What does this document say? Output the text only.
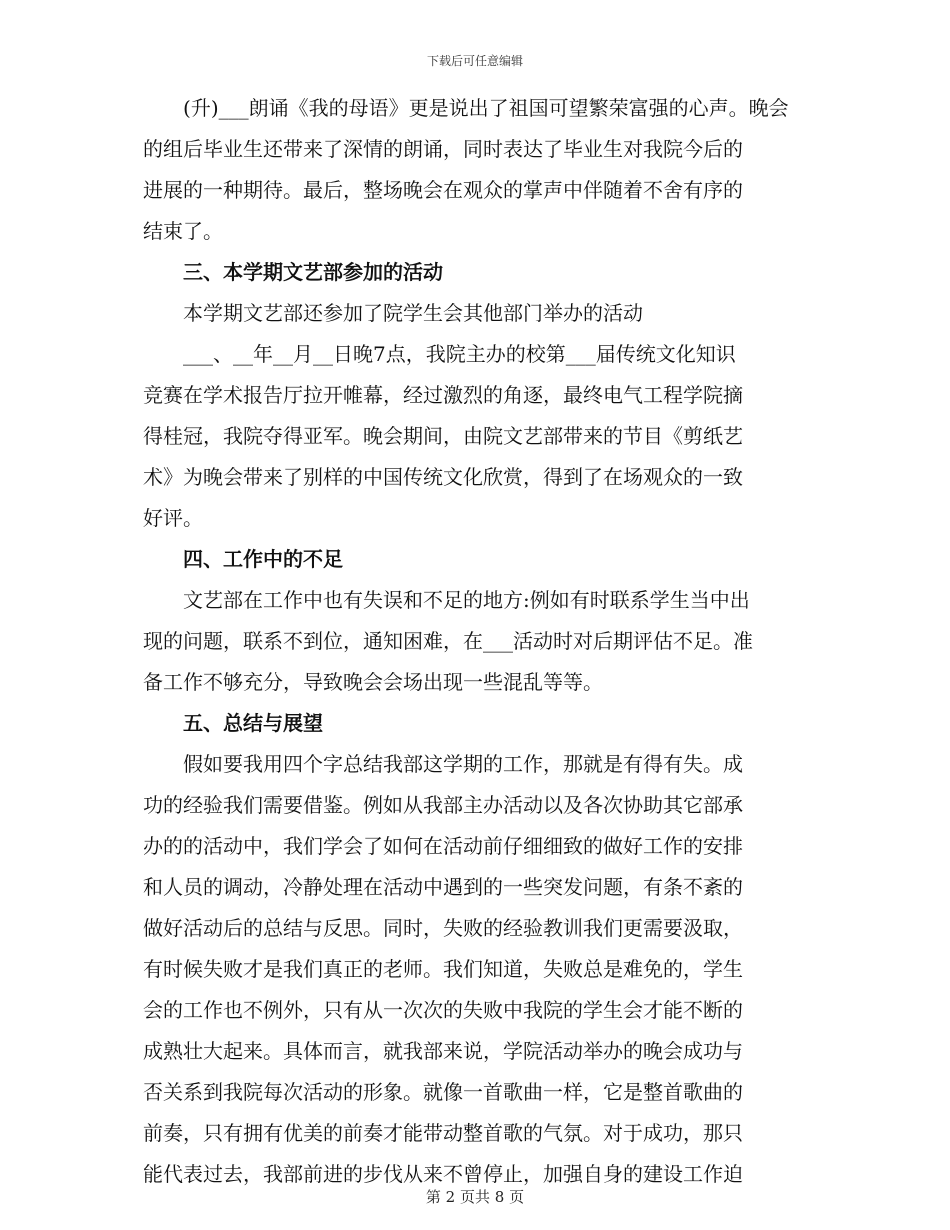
下载后可任意编辑
(升)___朗诵《我的母语》更是说出了祖国可望繁荣富强的心声。晚会
的组后毕业生还带来了深情的朗诵，同时表达了毕业生对我院今后的
进展的一种期待。最后，整场晚会在观众的掌声中伴随着不舍有序的
结束了。
三、本学期文艺部参加的活动
本学期文艺部还参加了院学生会其他部门举办的活动
___、__年__月__日晚7点，我院主办的校第___届传统文化知识
竞赛在学术报告厅拉开帷幕，经过激烈的角逐，最终电气工程学院摘
得桂冠，我院夺得亚军。晚会期间，由院文艺部带来的节目《剪纸艺
术》为晚会带来了别样的中国传统文化欣赏，得到了在场观众的一致
好评。
四、工作中的不足
文艺部在工作中也有失误和不足的地方:例如有时联系学生当中出
现的问题，联系不到位，通知困难，在___活动时对后期评估不足。准
备工作不够充分，导致晚会会场出现一些混乱等等。
五、总结与展望
假如要我用四个字总结我部这学期的工作，那就是有得有失。成
功的经验我们需要借鉴。例如从我部主办活动以及各次协助其它部承
办的的活动中，我们学会了如何在活动前仔细细致的做好工作的安排
和人员的调动，冷静处理在活动中遇到的一些突发问题，有条不紊的
做好活动后的总结与反思。同时，失败的经验教训我们更需要汲取，
有时候失败才是我们真正的老师。我们知道，失败总是难免的，学生
会的工作也不例外，只有从一次次的失败中我院的学生会才能不断的
成熟壮大起来。具体而言，就我部来说，学院活动举办的晚会成功与
否关系到我院每次活动的形象。就像一首歌曲一样，它是整首歌曲的
前奏，只有拥有优美的前奏才能带动整首歌的气氛。对于成功，那只
能代表过去，我部前进的步伐从来不曾停止，加强自身的建设工作迫
第 2 页共 8 页
